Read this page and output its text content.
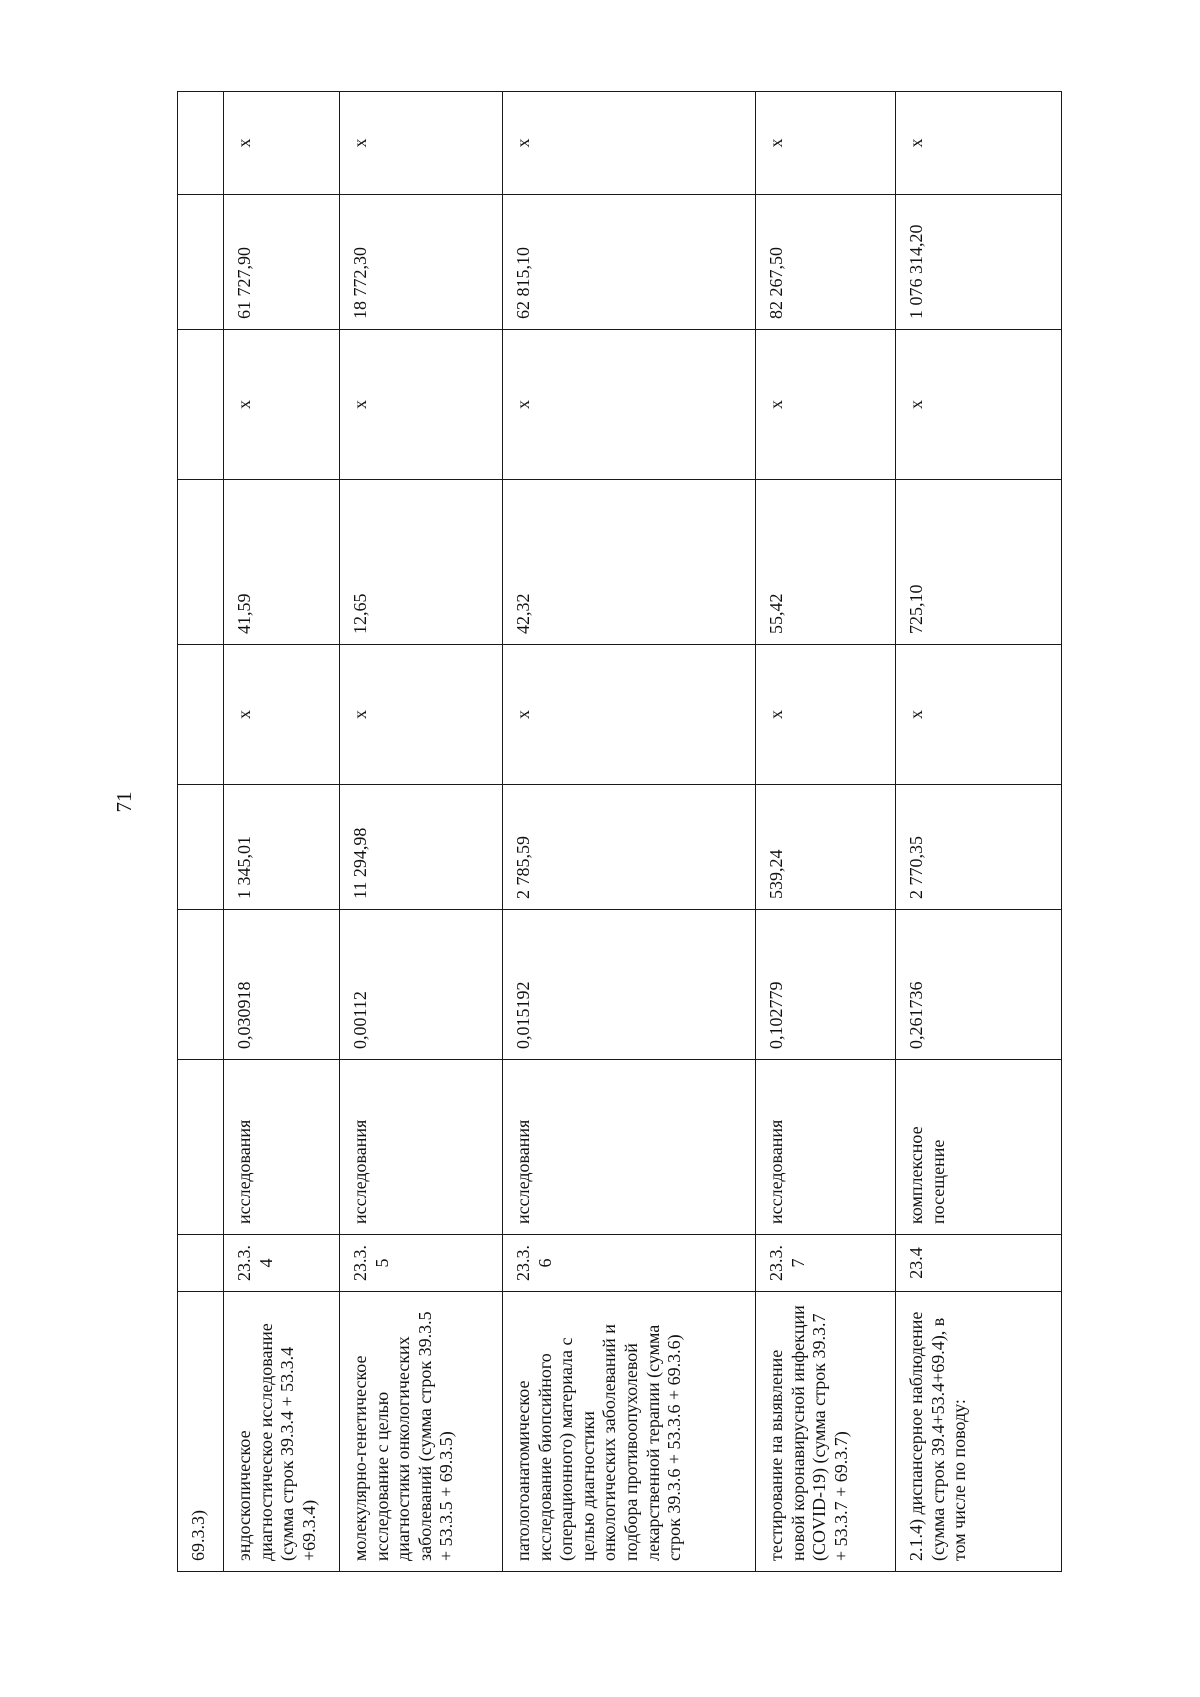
71
69.3.3)									
эндоскопическое диагностическое исследование (сумма строк 39.3.4 + 53.3.4 +69.3.4)	23.3.4	исследования	0,030918	1 345,01	x	41,59	x	61 727,90	x
молекулярно-генетическое исследование с целью диагностики онкологических заболеваний (сумма строк 39.3.5 + 53.3.5 + 69.3.5)	23.3.5	исследования	0,00112	11 294,98	x	12,65	x	18 772,30	x
патологоанатомическое исследование биопсийного (операционного) материала с целью диагностики онкологических заболеваний и подбора противоопухолевой лекарственной терапии (сумма строк 39.3.6 + 53.3.6 + 69.3.6)	23.3.6	исследования	0,015192	2 785,59	x	42,32	x	62 815,10	x
тестирование на выявление новой коронавирусной инфекции (COVID-19) (сумма строк 39.3.7 + 53.3.7 + 69.3.7)	23.3.7	исследования	0,102779	539,24	x	55,42	x	82 267,50	x
2.1.4) диспансерное наблюдение (сумма строк 39.4+53.4+69.4), в том числе по поводу:	23.4	комплексное посещение	0,261736	2 770,35	x	725,10	x	1 076 314,20	x
